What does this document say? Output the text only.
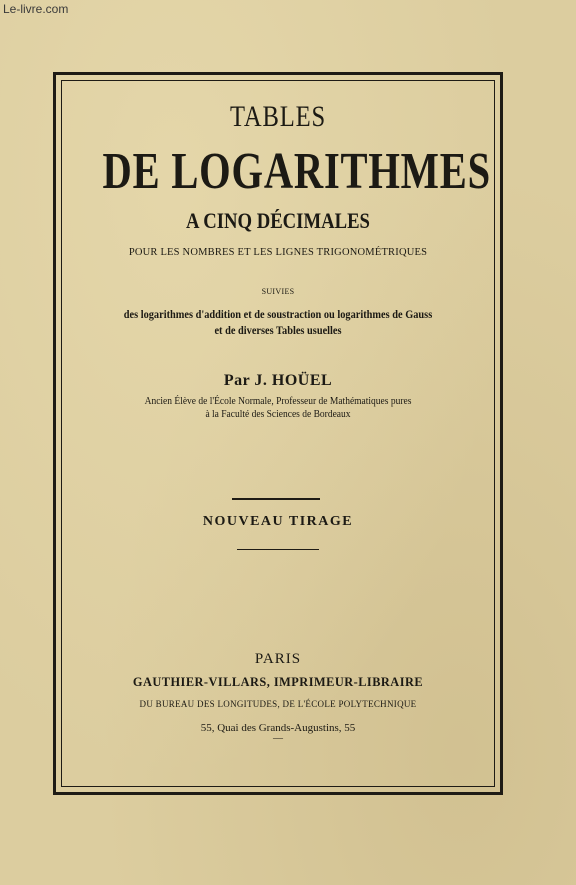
Le-livre.com
TABLES
DE LOGARITHMES
A CINQ DÉCIMALES
POUR LES NOMBRES ET LES LIGNES TRIGONOMÉTRIQUES
SUIVIES
des logarithmes d'addition et de soustraction ou logarithmes de Gauss
et de diverses Tables usuelles
Par J. HOÜEL
Ancien Élève de l'École Normale, Professeur de Mathématiques pures
à la Faculté des Sciences de Bordeaux
NOUVEAU TIRAGE
PARIS
GAUTHIER-VILLARS, IMPRIMEUR-LIBRAIRE
DU BUREAU DES LONGITUDES, DE L'ÉCOLE POLYTECHNIQUE
55, Quai des Grands-Augustins, 55
—
